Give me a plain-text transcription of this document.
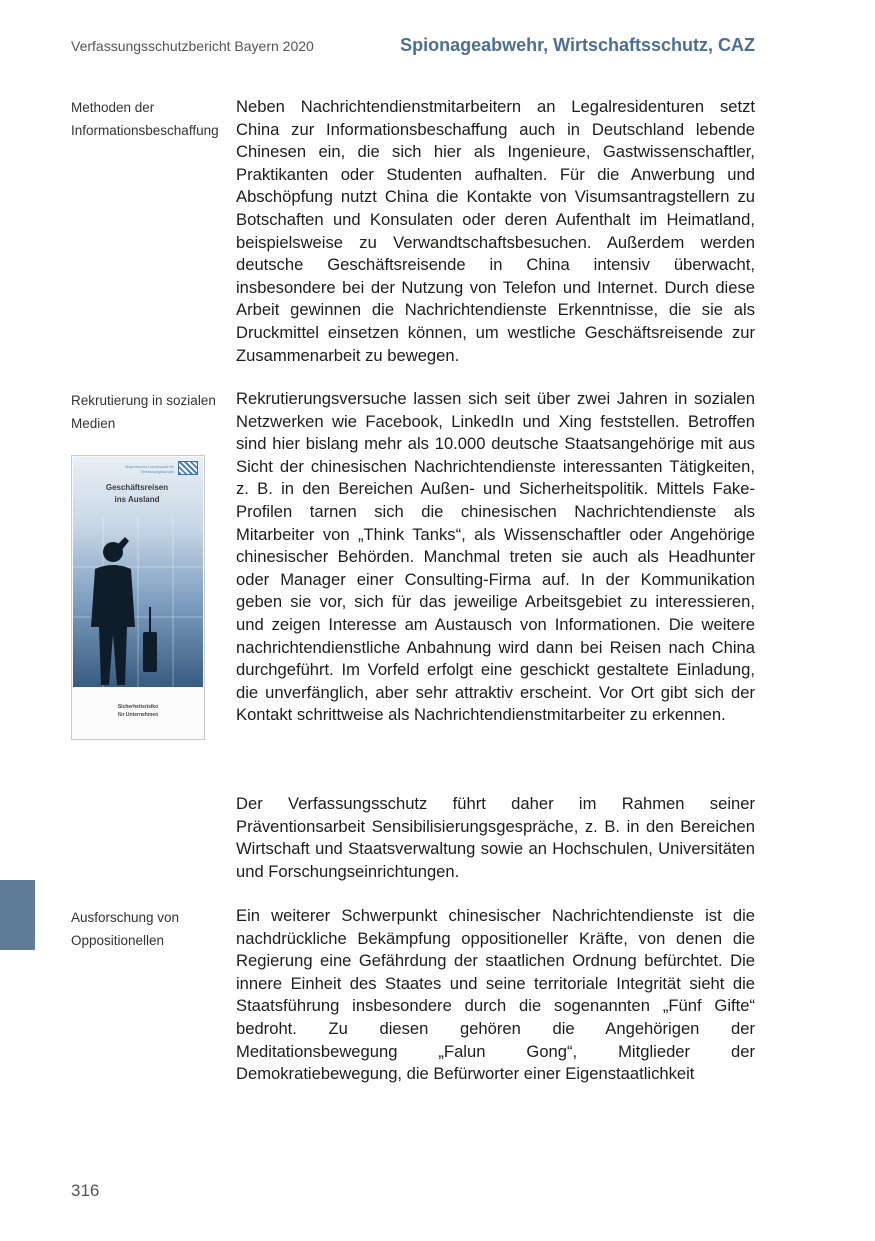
Verfassungsschutzbericht Bayern 2020	Spionageabwehr, Wirtschaftsschutz, CAZ
Methoden der Informationsbeschaffung
Neben Nachrichtendienstmitarbeitern an Legalresidenturen setzt China zur Informationsbeschaffung auch in Deutschland lebende Chinesen ein, die sich hier als Ingenieure, Gastwissenschaftler, Praktikanten oder Studenten aufhalten. Für die Anwerbung und Abschöpfung nutzt China die Kontakte von Visumsantragstellern zu Botschaften und Konsulaten oder deren Aufenthalt im Heimatland, beispielsweise zu Verwandtschaftsbesuchen. Außerdem werden deutsche Geschäftsreisende in China intensiv überwacht, insbesondere bei der Nutzung von Telefon und Internet. Durch diese Arbeit gewinnen die Nachrichtendienste Erkenntnisse, die sie als Druckmittel einsetzen können, um westliche Geschäftsreisende zur Zusammenarbeit zu bewegen.
Rekrutierung in sozialen Medien
Rekrutierungsversuche lassen sich seit über zwei Jahren in sozialen Netzwerken wie Facebook, LinkedIn und Xing feststellen. Betroffen sind hier bislang mehr als 10.000 deutsche Staatsangehörige mit aus Sicht der chinesischen Nachrichtendienste interessanten Tätigkeiten, z. B. in den Bereichen Außen- und Sicherheitspolitik. Mittels Fake-Profilen tarnen sich die chinesischen Nachrichtendienste als Mitarbeiter von „Think Tanks“, als Wissenschaftler oder Angehörige chinesischer Behörden. Manchmal treten sie auch als Headhunter oder Manager einer Consulting-Firma auf. In der Kommunikation geben sie vor, sich für das jeweilige Arbeitsgebiet zu interessieren, und zeigen Interesse am Austausch von Informationen. Die weitere nachrichtendienstliche Anbahnung wird dann bei Reisen nach China durchgeführt. Im Vorfeld erfolgt eine geschickt gestaltete Einladung, die unverfänglich, aber sehr attraktiv erscheint. Vor Ort gibt sich der Kontakt schrittweise als Nachrichtendienstmitarbeiter zu erkennen.
Bayerisches Landesamt für Verfassungsschutz
Geschäftsreisen
ins Ausland
Sicherheitsrisiko
für Unternehmen
Der Verfassungsschutz führt daher im Rahmen seiner Präventionsarbeit Sensibilisierungsgespräche, z. B. in den Bereichen Wirtschaft und Staatsverwaltung sowie an Hochschulen, Universitäten und Forschungseinrichtungen.
Ausforschung von Oppositionellen
Ein weiterer Schwerpunkt chinesischer Nachrichtendienste ist die nachdrückliche Bekämpfung oppositioneller Kräfte, von denen die Regierung eine Gefährdung der staatlichen Ordnung befürchtet. Die innere Einheit des Staates und seine territoriale Integrität sieht die Staatsführung insbesondere durch die sogenannten „Fünf Gifte“ bedroht. Zu diesen gehören die Angehörigen der Meditationsbewegung „Falun Gong“, Mitglieder der Demokratiebewegung, die Befürworter einer Eigenstaatlichkeit
316
